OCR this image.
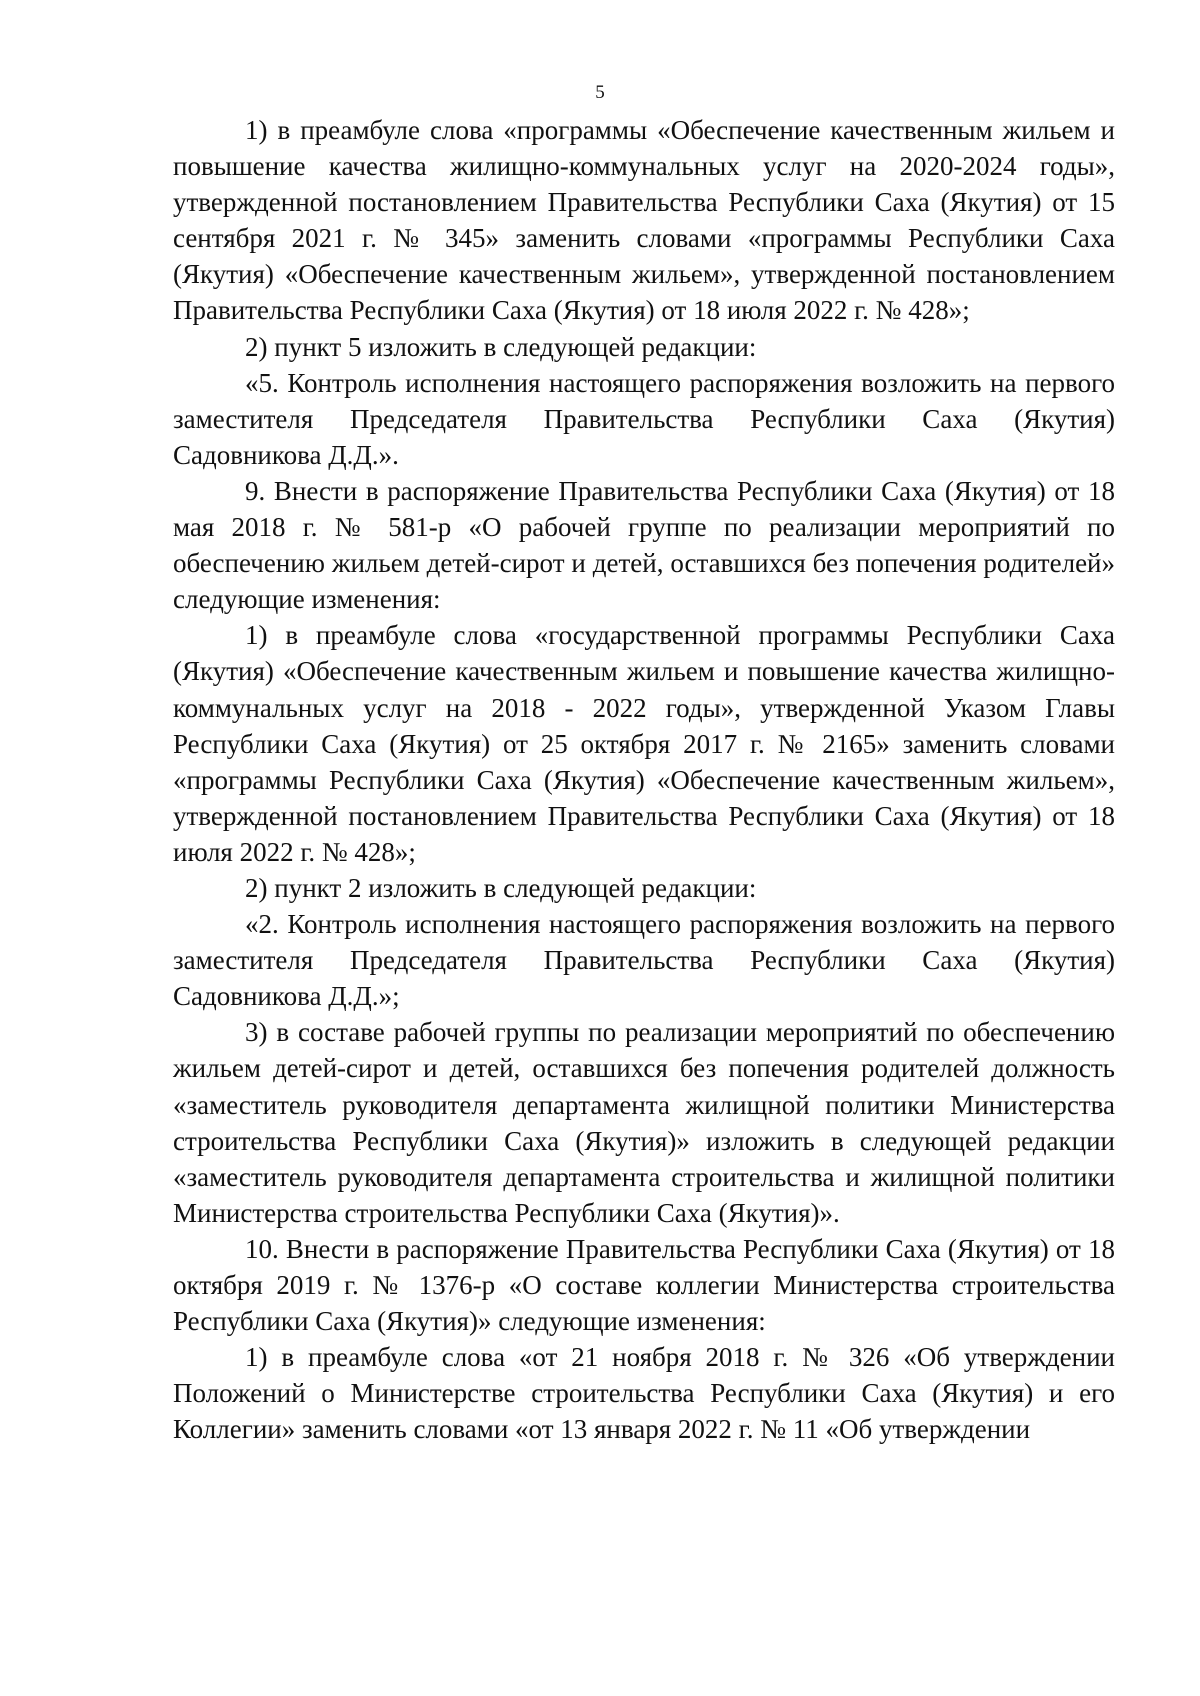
5

1) в преамбуле слова «программы «Обеспечение качественным жильем и повышение качества жилищно-коммунальных услуг на 2020-2024 годы», утвержденной постановлением Правительства Республики Саха (Якутия) от 15 сентября 2021 г. № 345» заменить словами «программы Республики Саха (Якутия) «Обеспечение качественным жильем», утвержденной постановлением Правительства Республики Саха (Якутия) от 18 июля 2022 г. № 428»;

2) пункт 5 изложить в следующей редакции:

«5. Контроль исполнения настоящего распоряжения возложить на первого заместителя Председателя Правительства Республики Саха (Якутия) Садовникова Д.Д.».

9. Внести в распоряжение Правительства Республики Саха (Якутия) от 18 мая 2018 г. № 581-р «О рабочей группе по реализации мероприятий по обеспечению жильем детей-сирот и детей, оставшихся без попечения родителей» следующие изменения:

1) в преамбуле слова «государственной программы Республики Саха (Якутия) «Обеспечение качественным жильем и повышение качества жилищно-коммунальных услуг на 2018 - 2022 годы», утвержденной Указом Главы Республики Саха (Якутия) от 25 октября 2017 г. № 2165» заменить словами «программы Республики Саха (Якутия) «Обеспечение качественным жильем», утвержденной постановлением Правительства Республики Саха (Якутия) от 18 июля 2022 г. № 428»;

2) пункт 2 изложить в следующей редакции:

«2. Контроль исполнения настоящего распоряжения возложить на первого заместителя Председателя Правительства Республики Саха (Якутия) Садовникова Д.Д.»;

3) в составе рабочей группы по реализации мероприятий по обеспечению жильем детей-сирот и детей, оставшихся без попечения родителей должность «заместитель руководителя департамента жилищной политики Министерства строительства Республики Саха (Якутия)» изложить в следующей редакции «заместитель руководителя департамента строительства и жилищной политики Министерства строительства Республики Саха (Якутия)».

10. Внести в распоряжение Правительства Республики Саха (Якутия) от 18 октября 2019 г. № 1376-р «О составе коллегии Министерства строительства Республики Саха (Якутия)» следующие изменения:

1) в преамбуле слова «от 21 ноября 2018 г. № 326 «Об утверждении Положений о Министерстве строительства Республики Саха (Якутия) и его Коллегии» заменить словами «от 13 января 2022 г. № 11 «Об утверждении
